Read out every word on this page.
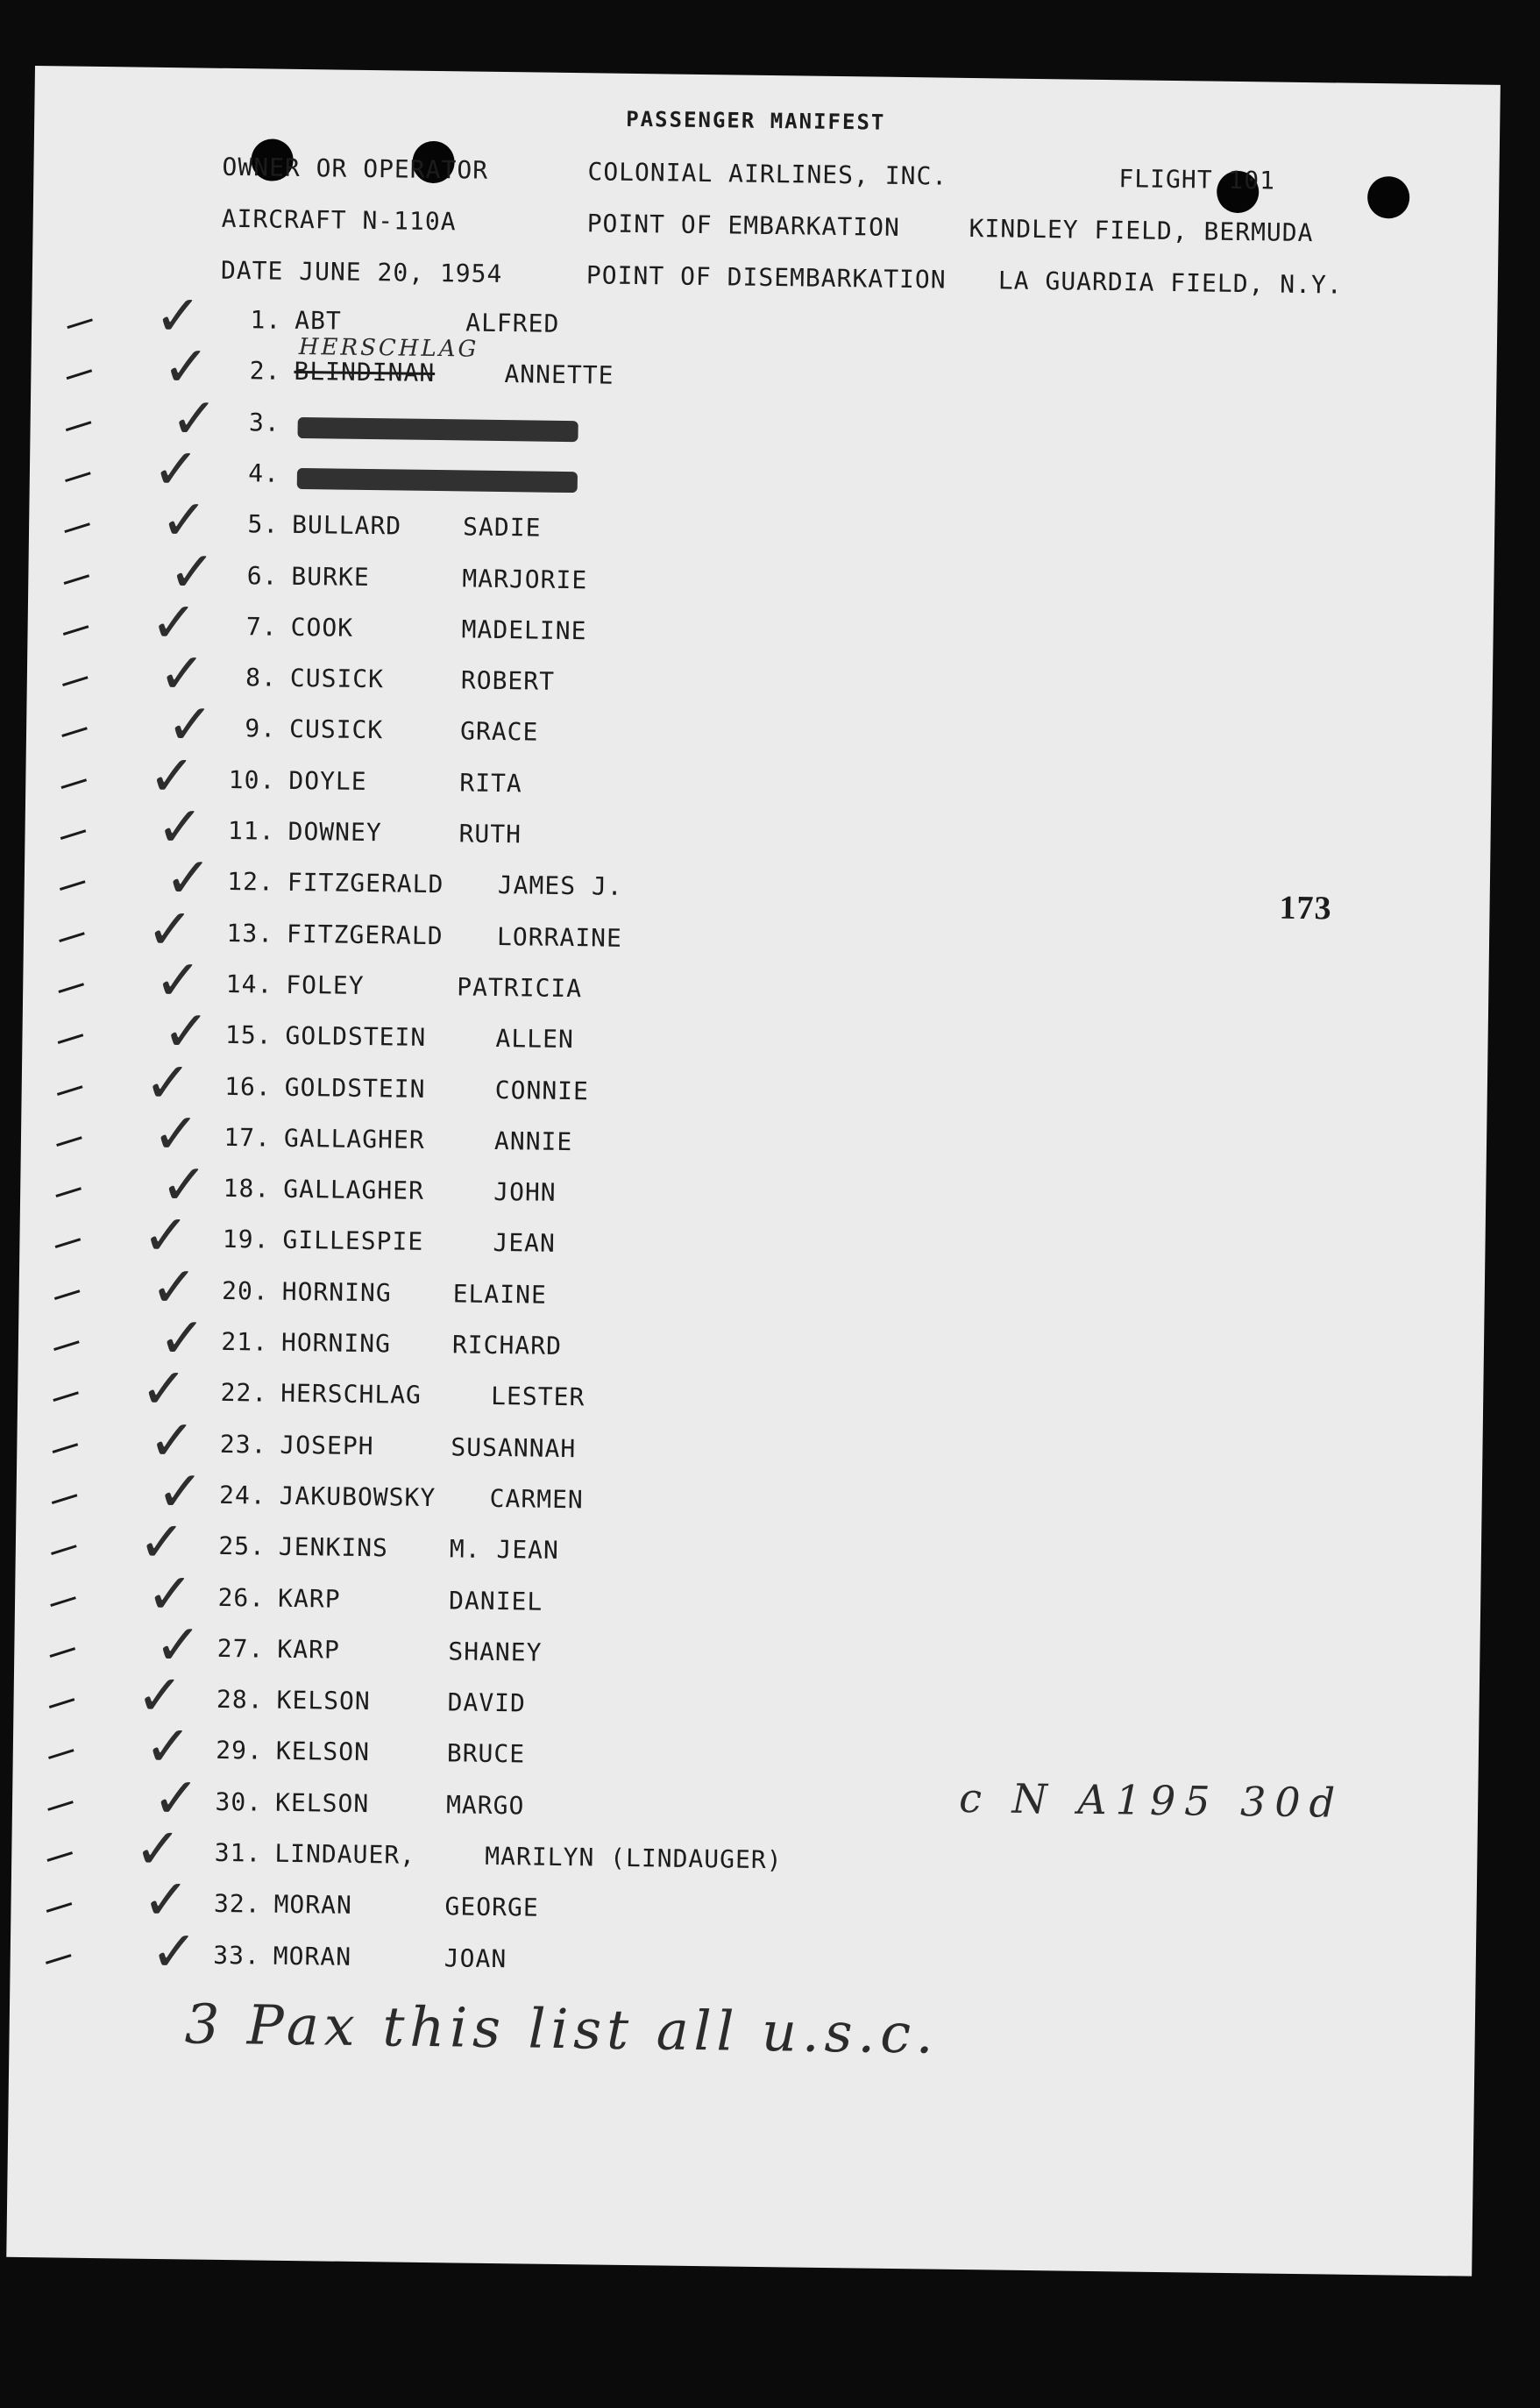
PASSENGER MANIFEST
OWNER OR OPERATOR	COLONIAL AIRLINES, INC.	FLIGHT 101
AIRCRAFT N-110A	POINT OF EMBARKATION	KINDLEY FIELD, BERMUDA
DATE JUNE 20, 1954	POINT OF DISEMBARKATION LA GUARDIA FIELD, N.Y.
✓	1. ABT	ALFRED
✓	2. BLINDINAN	ANNETTE
HERSCHLAG
✓	3.
✓	4.
✓	5. BULLARD SADIE
✓	6. BURKE	MARJORIE
✓	7. COOK	MADELINE
✓	8. CUSICK	ROBERT
✓	9. CUSICK	GRACE
✓	10. DOYLE	RITA
✓ 11. DOWNEY	RUTH
✓ 12. FITZGERALD JAMES J.
✓	13. FITZGERALD LORRAINE
✓ 14. FOLEY	PATRICIA
✓ 15. GOLDSTEIN	ALLEN
✓	16. GOLDSTEIN	CONNIE
✓ 17. GALLAGHER	ANNIE
✓ 18. GALLAGHER	JOHN
✓	19. GILLESPIE	JEAN
✓ 20. HORNING ELAINE
✓ 21. HORNING RICHARD
✓	22. HERSCHLAG	LESTER
✓ 23. JOSEPH	SUSANNAH
✓ 24. JAKUBOWSKY CARMEN
✓	25. JENKINS M. JEAN
✓ 26. KARP	DANIEL
✓ 27. KARP	SHANEY
✓	28. KELSON	DAVID
✓ 29. KELSON	BRUCE
✓ 30. KELSON	MARGO
✓	31. LINDAUER,	MARILYN (LINDAUGER)
✓ 32. MORAN	GEORGE
✓ 33. MORAN	JOAN
173
c N A195 30d
3 Pax this list all u.s.c.
